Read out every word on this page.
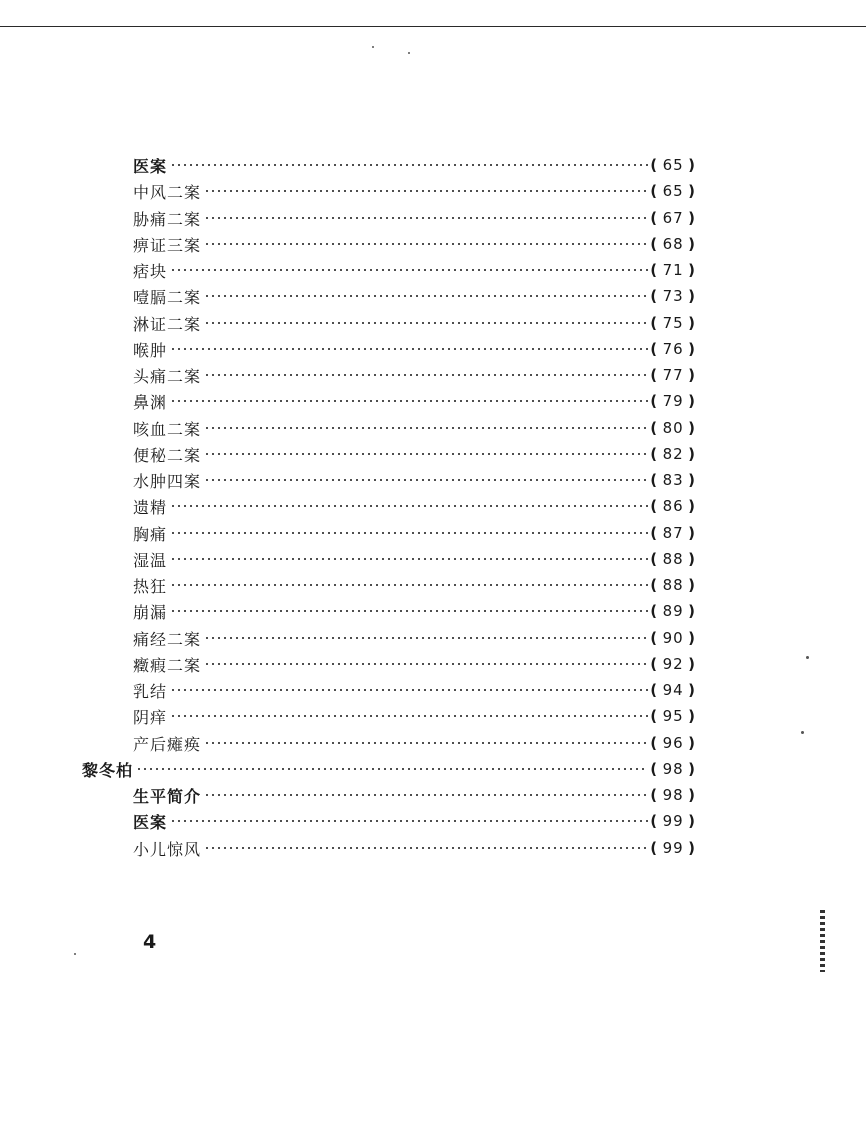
医案	( 65 )
中风二案	( 65 )
胁痛二案	( 67 )
痹证三案	( 68 )
痞块	( 71 )
噎膈二案	( 73 )
淋证二案	( 75 )
喉肿	( 76 )
头痛二案	( 77 )
鼻渊	( 79 )
咳血二案	( 80 )
便秘二案	( 82 )
水肿四案	( 83 )
遗精	( 86 )
胸痛	( 87 )
湿温	( 88 )
热狂	( 88 )
崩漏	( 89 )
痛经二案	( 90 )
癥瘕二案	( 92 )
乳结	( 94 )
阴痒	( 95 )
产后瘫痪	( 96 )
黎冬柏	( 98 )
生平简介	( 98 )
医案	( 99 )
小儿惊风	( 99 )
4
